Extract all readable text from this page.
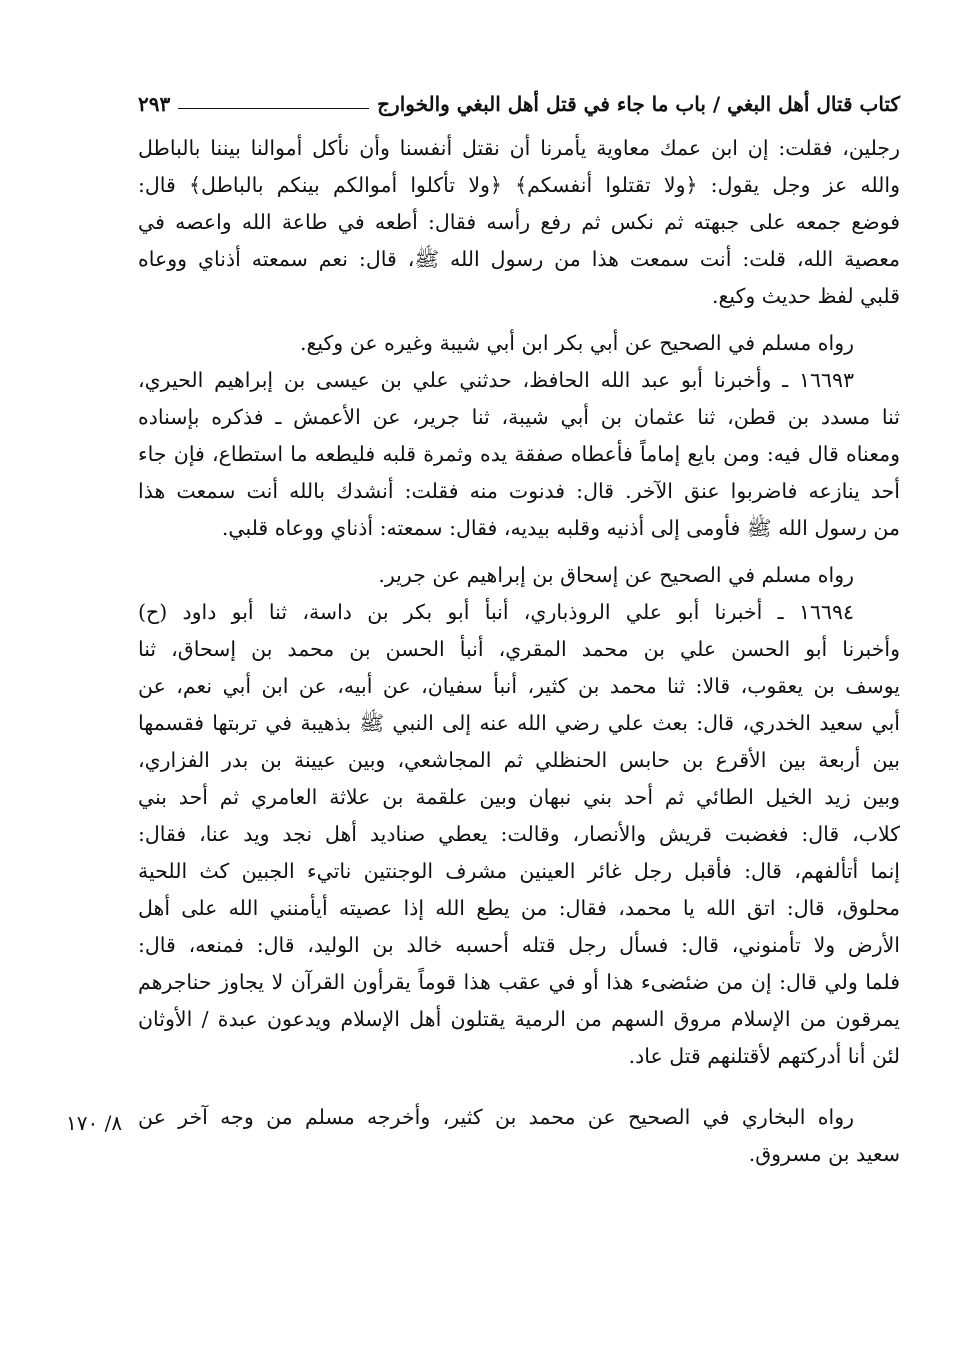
كتاب قتال أهل البغي / باب ما جاء في قتل أهل البغي والخوارج
٢٩٣
رجلين، فقلت: إن ابن عمك معاوية يأمرنا أن نقتل أنفسنا وأن نأكل أموالنا بيننا بالباطل
والله عز وجل يقول: ﴿ولا تقتلوا أنفسكم﴾ ﴿ولا تأكلوا أموالكم بينكم بالباطل﴾ قال:
فوضع جمعه على جبهته ثم نكس ثم رفع رأسه فقال: أطعه في طاعة الله واعصه في
معصية الله، قلت: أنت سمعت هذا من رسول الله ﷺ، قال: نعم سمعته أذناي ووعاه
قلبي لفظ حديث وكيع.
رواه مسلم في الصحيح عن أبي بكر ابن أبي شيبة وغيره عن وكيع.
١٦٦٩٣ ـ وأخبرنا أبو عبد الله الحافظ، حدثني علي بن عيسى بن إبراهيم الحيري،
ثنا مسدد بن قطن، ثنا عثمان بن أبي شيبة، ثنا جرير، عن الأعمش ـ فذكره بإسناده
ومعناه قال فيه: ومن بايع إماماً فأعطاه صفقة يده وثمرة قلبه فليطعه ما استطاع، فإن جاء
أحد ينازعه فاضربوا عنق الآخر. قال: فدنوت منه فقلت: أنشدك بالله أنت سمعت هذا
من رسول الله ﷺ فأومى إلى أذنيه وقلبه بيديه، فقال: سمعته: أذناي ووعاه قلبي.
رواه مسلم في الصحيح عن إسحاق بن إبراهيم عن جرير.
١٦٦٩٤ ـ أخبرنا أبو علي الروذباري، أنبأ أبو بكر بن داسة، ثنا أبو داود (ح)
وأخبرنا أبو الحسن علي بن محمد المقري، أنبأ الحسن بن محمد بن إسحاق، ثنا
يوسف بن يعقوب، قالا: ثنا محمد بن كثير، أنبأ سفيان، عن أبيه، عن ابن أبي نعم، عن
أبي سعيد الخدري، قال: بعث علي رضي الله عنه إلى النبي ﷺ بذهيبة في تربتها فقسمها
بين أربعة بين الأقرع بن حابس الحنظلي ثم المجاشعي، وبين عيينة بن بدر الفزاري،
وبين زيد الخيل الطائي ثم أحد بني نبهان وبين علقمة بن علاثة العامري ثم أحد بني
كلاب، قال: فغضبت قريش والأنصار، وقالت: يعطي صناديد أهل نجد ويد عنا، فقال:
إنما أتألفهم، قال: فأقبل رجل غائر العينين مشرف الوجنتين ناتيء الجبين كث اللحية
محلوق، قال: اتق الله يا محمد، فقال: من يطع الله إذا عصيته أيأمنني الله على أهل
الأرض ولا تأمنوني، قال: فسأل رجل قتله أحسبه خالد بن الوليد، قال: فمنعه، قال:
فلما ولي قال: إن من ضئضىء هذا أو في عقب هذا قوماً يقرأون القرآن لا يجاوز حناجرهم
يمرقون من الإسلام مروق السهم من الرمية يقتلون أهل الإسلام ويدعون عبدة / الأوثان
لئن أنا أدركتهم لأقتلنهم قتل عاد.
رواه البخاري في الصحيح عن محمد بن كثير، وأخرجه مسلم من وجه آخر عن
سعيد بن مسروق.
٨/ ١٧٠
